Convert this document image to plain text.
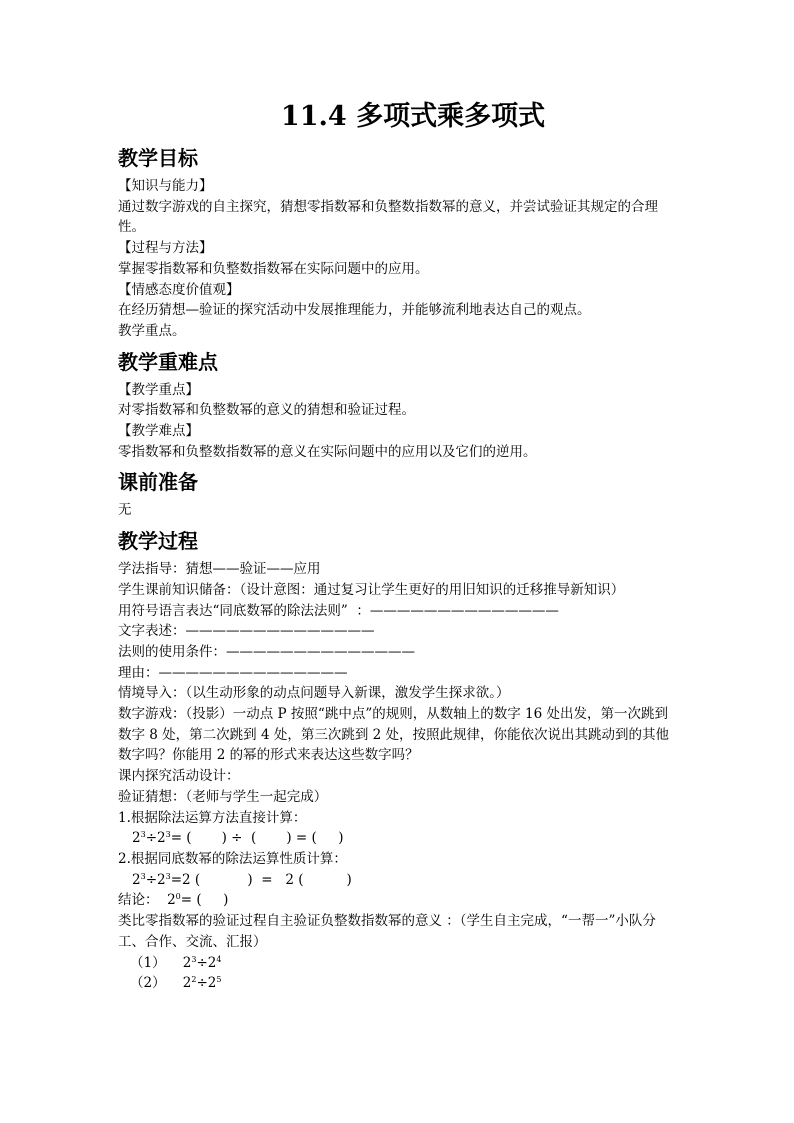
11.4 多项式乘多项式
教学目标

【知识与能力】

通过数字游戏的自主探究，猜想零指数幂和负整数指数幂的意义，并尝试验证其规定的合理性。

【过程与方法】

掌握零指数幂和负整数指数幂在实际问题中的应用。

【情感态度价值观】

在经历猜想—验证的探究活动中发展推理能力，并能够流利地表达自己的观点。

教学重点。

教学重难点

【教学重点】

对零指数幂和负整数幂的意义的猜想和验证过程。

【教学难点】

零指数幂和负整数指数幂的意义在实际问题中的应用以及它们的逆用。

课前准备

无

教学过程

学法指导：猜想——验证——应用

学生课前知识储备：（设计意图：通过复习让学生更好的用旧知识的迁移推导新知识）

用符号语言表达“同底数幂的除法法则”  ：——————————————

文字表述：——————————————

法则的使用条件：——————————————

理由：——————————————

情境导入：（以生动形象的动点问题导入新课，激发学生探求欲。）

数字游戏：（投影）一动点 P 按照“跳中点”的规则，从数轴上的数字 16 处出发，第一次跳到数字 8 处，第二次跳到 4 处，第三次跳到 2 处，按照此规律，你能依次说出其跳动到的其他数字吗？你能用 2 的幂的形式来表达这些数字吗？

课内探究活动设计：

验证猜想：（老师与学生一起完成）

1.根据除法运算方法直接计算：

$2^3\div 2^3=$ (       ) ÷  (       ) = (     )

2.根据同底数幂的除法运算性质计算：

$2^3\div 2^3=2$ (           )  =   2 (          )

结论：  $2^0=$ (     )

类比零指数幂的验证过程自主验证负整数指数幂的意义 ：（学生自主完成，“一帮一”小队分工、合作、交流、汇报）

（1） $2^3\div 2^4$

（2） $2^2\div 2^5$
